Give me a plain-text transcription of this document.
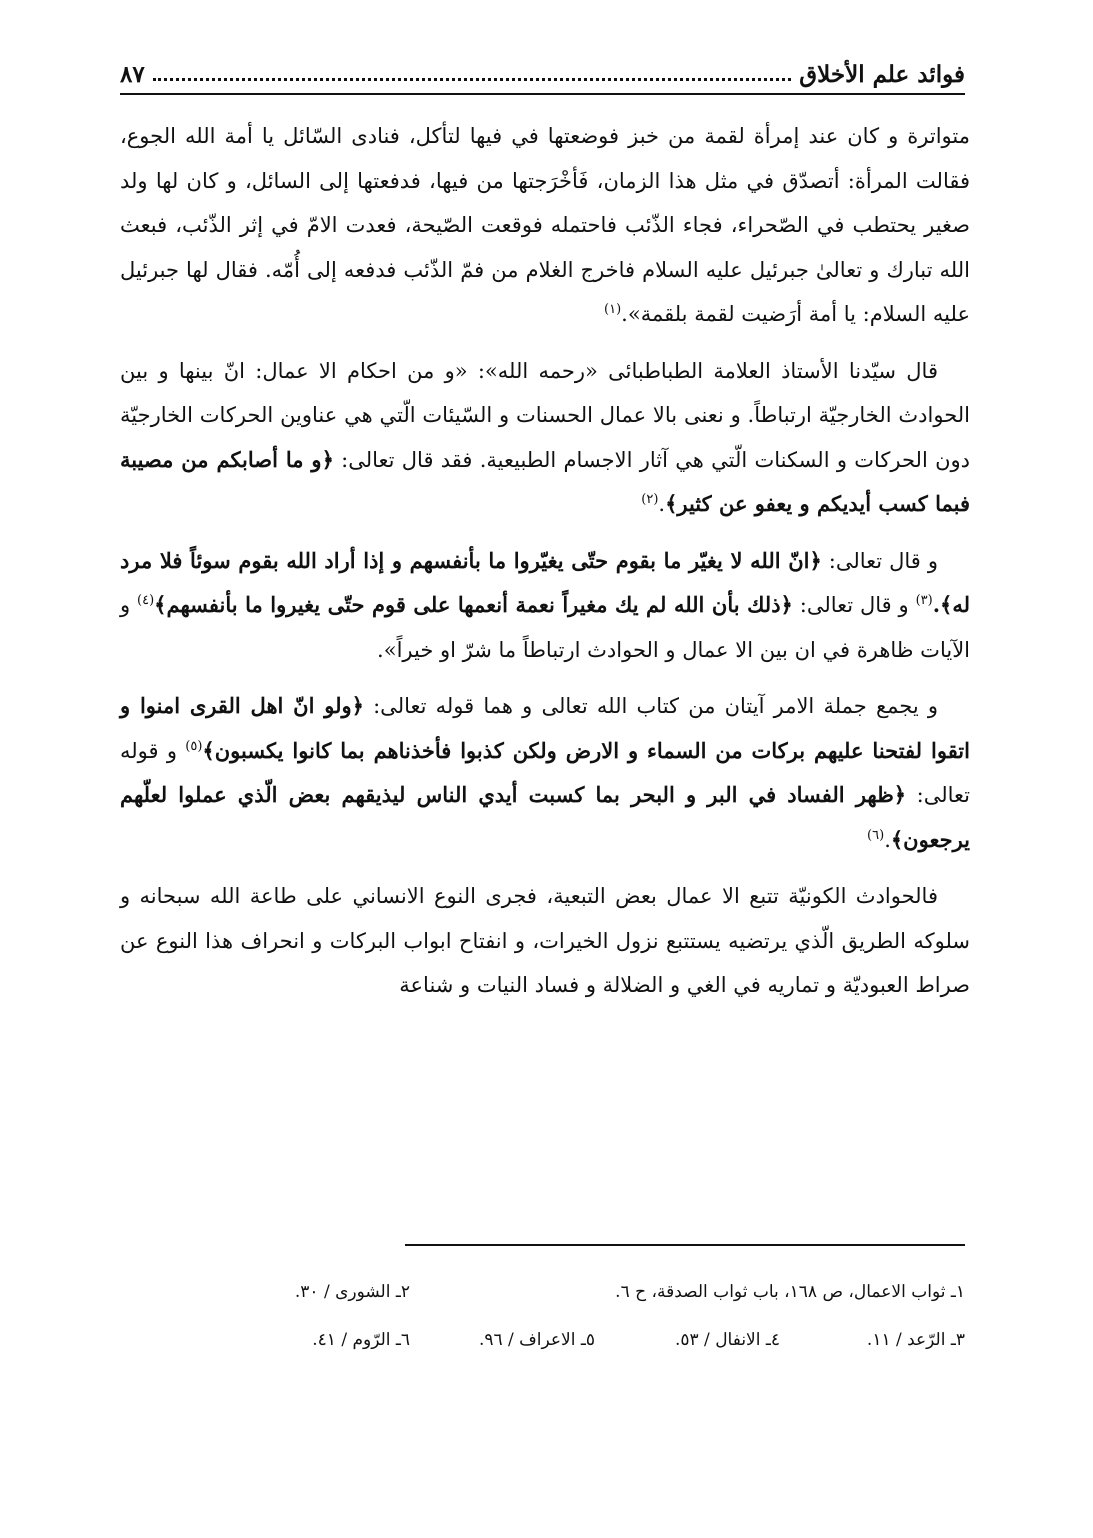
فوائد علم الأخلاق
٨٧

متواترة و كان عند إمرأة لقمة من خبز فوضعتها في فيها لتأكل، فنادى السّائل يا أمة الله الجوع، فقالت المرأة: أتصدّق في مثل هذا الزمان، فَأخْرَجتها من فيها، فدفعتها إلى السائل، و كان لها ولد صغير يحتطب في الصّحراء، فجاء الذّئب فاحتمله فوقعت الصّيحة، فعدت الامّ في إثر الذّئب، فبعث الله تبارك و تعالىٰ جبرئيل عليه السلام فاخرج الغلام من فمّ الذّئب فدفعه إلى أُمّه. فقال لها جبرئيل عليه السلام: يا أمة أرَضيت لقمة بلقمة».$^{(١)}$

قال سيّدنا الأستاذ العلامة الطباطبائى «رحمه الله»: «و من احكام الا عمال: انّ بينها و بين الحوادث الخارجيّة ارتباطاً. و نعنى بالا عمال الحسنات و السّيئات الّتي هي عناوين الحركات الخارجيّة دون الحركات و السكنات الّتي هي آثار الاجسام الطبيعية. فقد قال تعالى: ﴿و ما أصابكم من مصيبة فبما كسب أيديكم و يعفو عن كثير﴾.$^{(٢)}$

و قال تعالى: ﴿انّ الله لا يغيّر ما بقوم حتّى يغيّروا ما بأنفسهم و إذا أراد الله بقوم سوئاً فلا مرد له﴾.$^{(٣)}$ و قال تعالى: ﴿ذلك بأن الله لم يك مغيراً نعمة أنعمها على قوم حتّى يغيروا ما بأنفسهم﴾$^{(٤)}$ و الآيات ظاهرة في ان بين الا عمال و الحوادث ارتباطاً ما شرّ او خيراً».

و يجمع جملة الامر آيتان من كتاب الله تعالى و هما قوله تعالى: ﴿ولو انّ اهل القرى امنوا و اتقوا لفتحنا عليهم بركات من السماء و الارض ولكن كذبوا فأخذناهم بما كانوا يكسبون﴾$^{(٥)}$ و قوله تعالى: ﴿ظهر الفساد في البر و البحر بما كسبت أيدي الناس ليذيقهم بعض الّذي عملوا لعلّهم يرجعون﴾.$^{(٦)}$

فالحوادث الكونيّة تتبع الا عمال بعض التبعية، فجرى النوع الانساني على طاعة الله سبحانه و سلوكه الطريق الّذي يرتضيه يستتبع نزول الخيرات، و انفتاح ابواب البركات و انحراف هذا النوع عن صراط العبوديّة و تماريه في الغي و الضلالة و فساد النيات و شناعة

١ـ ثواب الاعمال، ص ١٦٨، باب ثواب الصدقة، ح ٦.
٢ـ الشورى / ٣٠.
٣ـ الرّعد / ١١.
٤ـ الانفال / ٥٣.
٥ـ الاعراف / ٩٦.
٦ـ الرّوم / ٤١.
